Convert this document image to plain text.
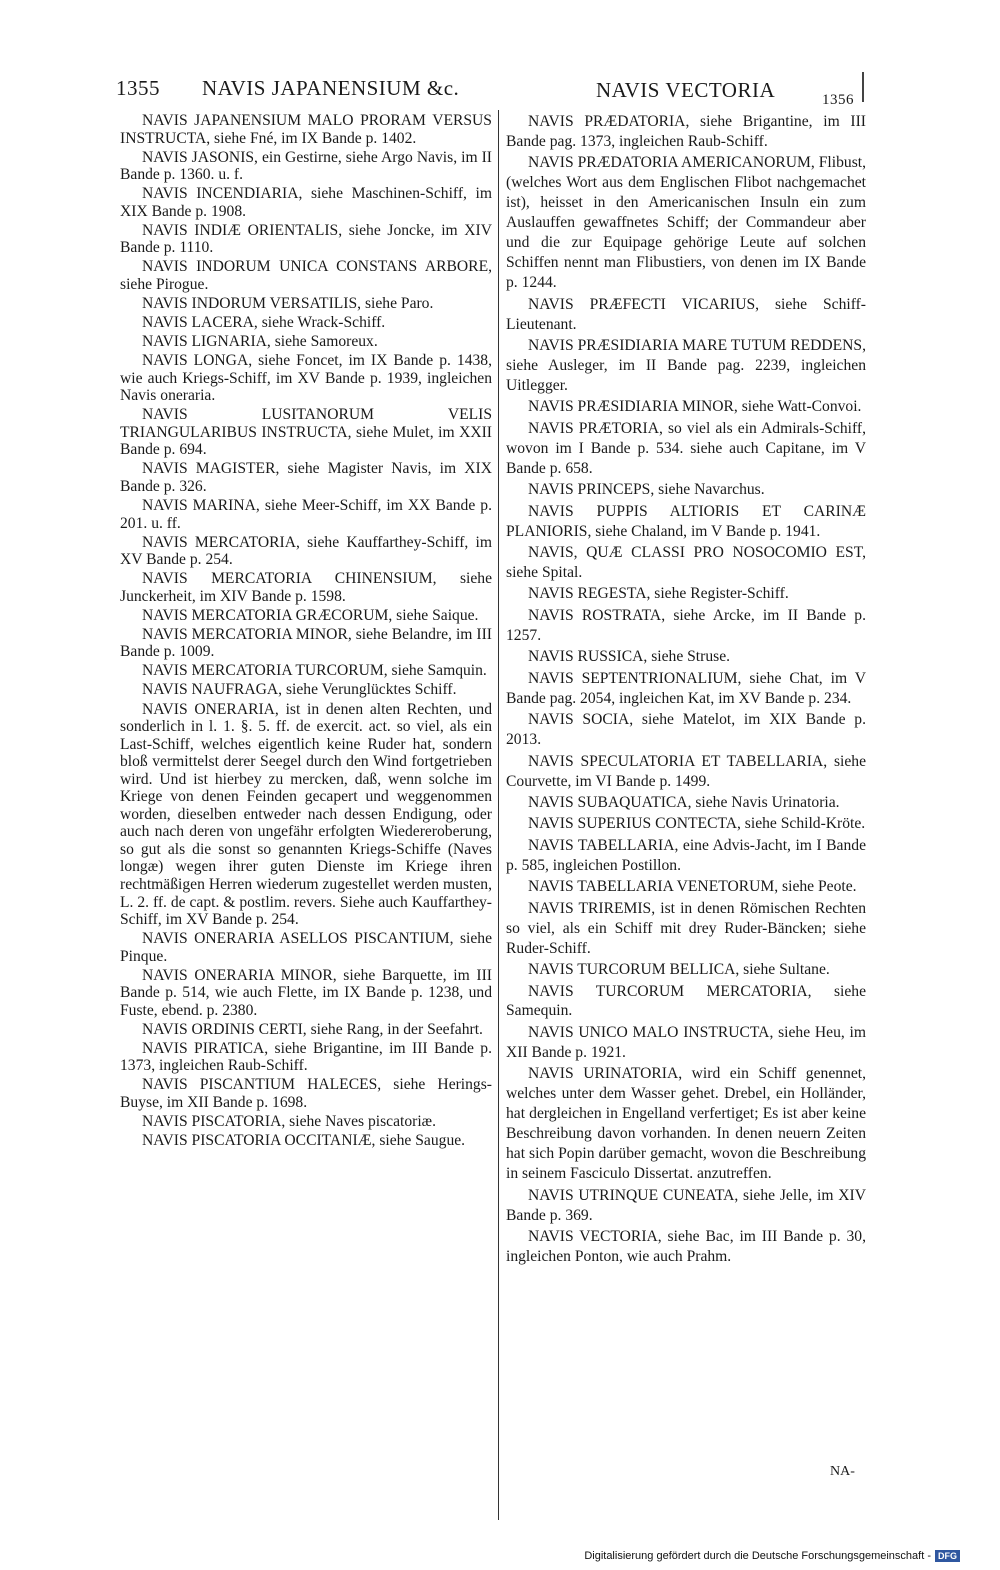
1355 NAVIS JAPANENSIUM &c.	NAVIS VECTORIA	1356

NAVIS JAPANENSIUM MALO PRORAM VERSUS INSTRUCTA, siehe Fné, im IX Bande p. 1402.

NAVIS JASONIS, ein Gestirne, siehe Argo Navis, im II Bande p. 1360. u. f.

NAVIS INCENDIARIA, siehe Maschinen-Schiff, im XIX Bande p. 1908.

NAVIS INDIÆ ORIENTALIS, siehe Joncke, im XIV Bande p. 1110.

NAVIS INDORUM UNICA CONSTANS ARBORE, siehe Pirogue.

NAVIS INDORUM VERSATILIS, siehe Paro.

NAVIS LACERA, siehe Wrack-Schiff.

NAVIS LIGNARIA, siehe Samoreux.

NAVIS LONGA, siehe Foncet, im IX Bande p. 1438, wie auch Kriegs-Schiff, im XV Bande p. 1939, ingleichen Navis oneraria.

NAVIS LUSITANORUM VELIS TRIANGULARIBUS INSTRUCTA, siehe Mulet, im XXII Bande p. 694.

NAVIS MAGISTER, siehe Magister Navis, im XIX Bande p. 326.

NAVIS MARINA, siehe Meer-Schiff, im XX Bande p. 201. u. ff.

NAVIS MERCATORIA, siehe Kauffarthey-Schiff, im XV Bande p. 254.

NAVIS MERCATORIA CHINENSIUM, siehe Junckerheit, im XIV Bande p. 1598.

NAVIS MERCATORIA GRÆCORUM, siehe Saique.

NAVIS MERCATORIA MINOR, siehe Belandre, im III Bande p. 1009.

NAVIS MERCATORIA TURCORUM, siehe Samquin.

NAVIS NAUFRAGA, siehe Verunglücktes Schiff.

NAVIS ONERARIA, ist in denen alten Rechten, und sonderlich in l. 1. §. 5. ff. de exercit. act. so viel, als ein Last-Schiff, welches eigentlich keine Ruder hat, sondern bloß vermittelst derer Seegel durch den Wind fortgetrieben wird. Und ist hierbey zu mercken, daß, wenn solche im Kriege von denen Feinden gecapert und weggenommen worden, dieselben entweder nach dessen Endigung, oder auch nach deren von ungefähr erfolgten Wiedereroberung, so gut als die sonst so genannten Kriegs-Schiffe (Naves longæ) wegen ihrer guten Dienste im Kriege ihren rechtmäßigen Herren wiederum zugestellet werden musten, L. 2. ff. de capt. & postlim. revers. Siehe auch Kauffarthey-Schiff, im XV Bande p. 254.

NAVIS ONERARIA ASELLOS PISCANTIUM, siehe Pinque.

NAVIS ONERARIA MINOR, siehe Barquette, im III Bande p. 514, wie auch Flette, im IX Bande p. 1238, und Fuste, ebend. p. 2380.

NAVIS ORDINIS CERTI, siehe Rang, in der Seefahrt.

NAVIS PIRATICA, siehe Brigantine, im III Bande p. 1373, ingleichen Raub-Schiff.

NAVIS PISCANTIUM HALECES, siehe Herings-Buyse, im XII Bande p. 1698.

NAVIS PISCATORIA, siehe Naves piscatoriæ.

NAVIS PISCATORIA OCCITANIÆ, siehe Saugue.

NAVIS PRÆDATORIA, siehe Brigantine, im III Bande pag. 1373, ingleichen Raub-Schiff.

NAVIS PRÆDATORIA AMERICANORUM, Flibust, (welches Wort aus dem Englischen Flibot nachgemachet ist), heisset in den Americanischen Insuln ein zum Auslauffen gewaffnetes Schiff; der Commandeur aber und die zur Equipage gehörige Leute auf solchen Schiffen nennt man Flibustiers, von denen im IX Bande p. 1244.

NAVIS PRÆFECTI VICARIUS, siehe Schiff-Lieutenant.

NAVIS PRÆSIDIARIA MARE TUTUM REDDENS, siehe Ausleger, im II Bande pag. 2239, ingleichen Uitlegger.

NAVIS PRÆSIDIARIA MINOR, siehe Watt-Convoi.

NAVIS PRÆTORIA, so viel als ein Admirals-Schiff, wovon im I Bande p. 534. siehe auch Capitane, im V Bande p. 658.

NAVIS PRINCEPS, siehe Navarchus.

NAVIS PUPPIS ALTIORIS ET CARINÆ PLANIORIS, siehe Chaland, im V Bande p. 1941.

NAVIS, QUÆ CLASSI PRO NOSOCOMIO EST, siehe Spital.

NAVIS REGESTA, siehe Register-Schiff.

NAVIS ROSTRATA, siehe Arcke, im II Bande p. 1257.

NAVIS RUSSICA, siehe Struse.

NAVIS SEPTENTRIONALIUM, siehe Chat, im V Bande pag. 2054, ingleichen Kat, im XV Bande p. 234.

NAVIS SOCIA, siehe Matelot, im XIX Bande p. 2013.

NAVIS SPECULATORIA ET TABELLARIA, siehe Courvette, im VI Bande p. 1499.

NAVIS SUBAQUATICA, siehe Navis Urinatoria.

NAVIS SUPERIUS CONTECTA, siehe Schild-Kröte.

NAVIS TABELLARIA, eine Advis-Jacht, im I Bande p. 585, ingleichen Postillon.

NAVIS TABELLARIA VENETORUM, siehe Peote.

NAVIS TRIREMIS, ist in denen Römischen Rechten so viel, als ein Schiff mit drey Ruder-Bäncken; siehe Ruder-Schiff.

NAVIS TURCORUM BELLICA, siehe Sultane.

NAVIS TURCORUM MERCATORIA, siehe Samequin.

NAVIS UNICO MALO INSTRUCTA, siehe Heu, im XII Bande p. 1921.

NAVIS URINATORIA, wird ein Schiff genennet, welches unter dem Wasser gehet. Drebel, ein Holländer, hat dergleichen in Engelland verfertiget; Es ist aber keine Beschreibung davon vorhanden. In denen neuern Zeiten hat sich Popin darüber gemacht, wovon die Beschreibung in seinem Fasciculo Dissertat. anzutreffen.

NAVIS UTRINQUE CUNEATA, siehe Jelle, im XIV Bande p. 369.

NAVIS VECTORIA, siehe Bac, im III Bande p. 30, ingleichen Ponton, wie auch Prahm.

NA-
Digitalisierung gefördert durch die Deutsche Forschungsgemeinschaft - DFG
